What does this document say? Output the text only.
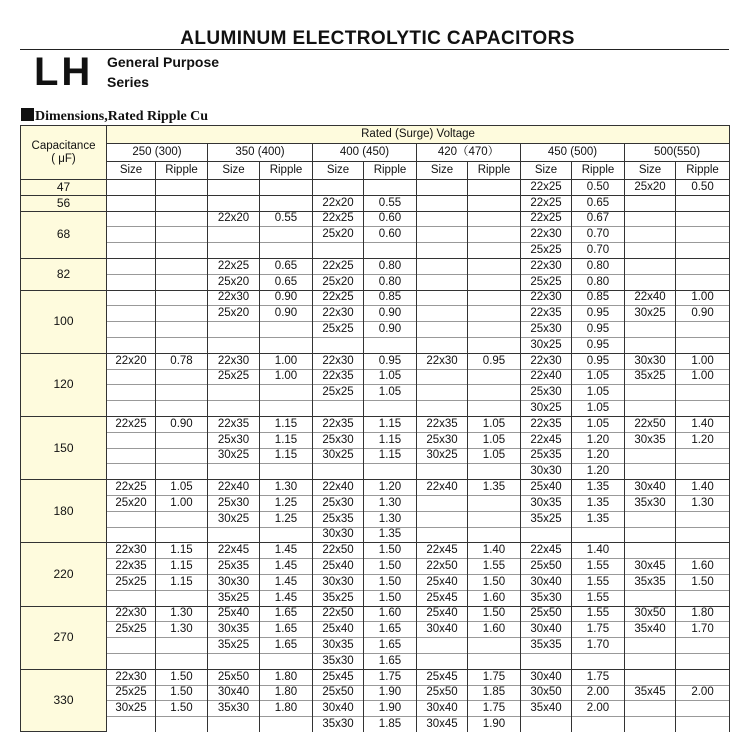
ALUMINUM ELECTROLYTIC CAPACITORS
LH General Purpose
Series
Dimensions,Rated Ripple Cu
Capacitance
( μF)	Rated (Surge) Voltage											
	250 (300)		350 (400)		400 (450)		420（470）		450 (500)		500(550)	
	Size	Ripple	Size	Ripple	Size	Ripple	Size	Ripple	Size	Ripple	Size	Ripple
47									22x25	0.50	25x20	0.50
56					22x20	0.55			22x25	0.65		
68			22x20	0.55	22x25	0.60			22x25	0.67		
					25x20	0.60			22x30	0.70		
									25x25	0.70		
82			22x25	0.65	22x25	0.80			22x30	0.80		
			25x20	0.65	25x20	0.80			25x25	0.80		
100			22x30	0.90	22x25	0.85			22x30	0.85	22x40	1.00
			25x20	0.90	22x30	0.90			22x35	0.95	30x25	0.90
					25x25	0.90			25x30	0.95		
									30x25	0.95		
120	22x20	0.78	22x30	1.00	22x30	0.95	22x30	0.95	22x30	0.95	30x30	1.00
			25x25	1.00	22x35	1.05			22x40	1.05	35x25	1.00
					25x25	1.05			25x30	1.05		
									30x25	1.05		
150	22x25	0.90	22x35	1.15	22x35	1.15	22x35	1.05	22x35	1.05	22x50	1.40
			25x30	1.15	25x30	1.15	25x30	1.05	22x45	1.20	30x35	1.20
			30x25	1.15	30x25	1.15	30x25	1.05	25x35	1.20		
									30x30	1.20		
180	22x25	1.05	22x40	1.30	22x40	1.20	22x40	1.35	25x40	1.35	30x40	1.40
	25x20	1.00	25x30	1.25	25x30	1.30			30x35	1.35	35x30	1.30
			30x25	1.25	25x35	1.30			35x25	1.35		
					30x30	1.35						
220	22x30	1.15	22x45	1.45	22x50	1.50	22x45	1.40	22x45	1.40		
	22x35	1.15	25x35	1.45	25x40	1.50	22x50	1.55	25x50	1.55	30x45	1.60
	25x25	1.15	30x30	1.45	30x30	1.50	25x40	1.50	30x40	1.55	35x35	1.50
			35x25	1.45	35x25	1.50	25x45	1.60	35x30	1.55		
270	22x30	1.30	25x40	1.65	22x50	1.60	25x40	1.50	25x50	1.55	30x50	1.80
	25x25	1.30	30x35	1.65	25x40	1.65	30x40	1.60	30x40	1.75	35x40	1.70
			35x25	1.65	30x35	1.65			35x35	1.70		
					35x30	1.65						
330	22x30	1.50	25x50	1.80	25x45	1.75	25x45	1.75	30x40	1.75		
	25x25	1.50	30x40	1.80	25x50	1.90	25x50	1.85	30x50	2.00	35x45	2.00
	30x25	1.50	35x30	1.80	30x40	1.90	30x40	1.75	35x40	2.00		
					35x30	1.85	30x45	1.90				
